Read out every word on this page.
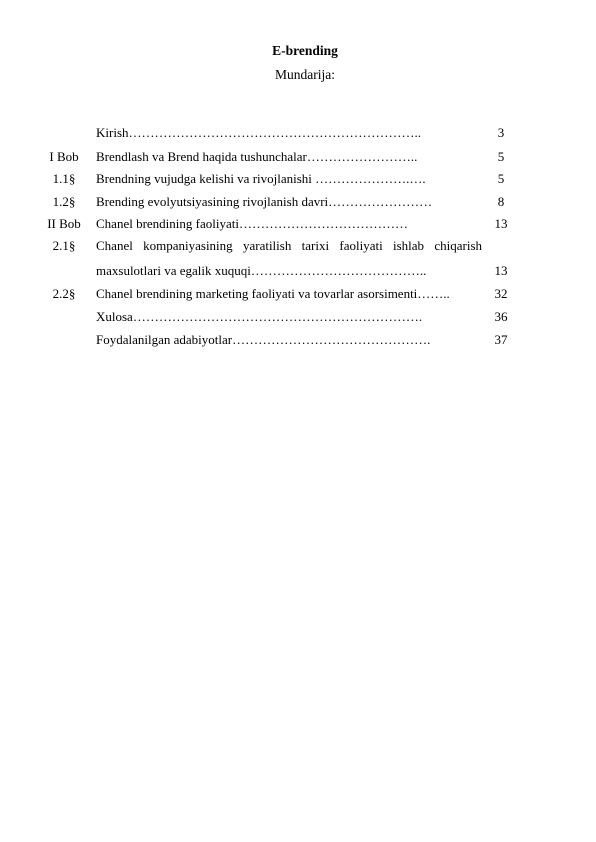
E-brending
Mundarija:
Kirish…………………………………………………………..	3
I Bob	Brendlash va Brend haqida tushunchalar……………………..	5
1.1§	Brendning vujudga kelishi va rivojlanishi ………………….….	5
1.2§	Brending evolyutsiyasining rivojlanish davri……………………	8
II Bob	Chanel brendining faoliyati…………………………………	13
2.1§	Chanel kompaniyasining yaratilish tarixi faoliyati ishlab chiqarish
maxsulotlari va egalik xuquqi…………………………………..	13
2.2§	Chanel brendining marketing faoliyati va tovarlar asorsimenti……..	32
Xulosa………………………………………………………….	36
Foydalanilgan adabiyotlar……………………………………….	37
